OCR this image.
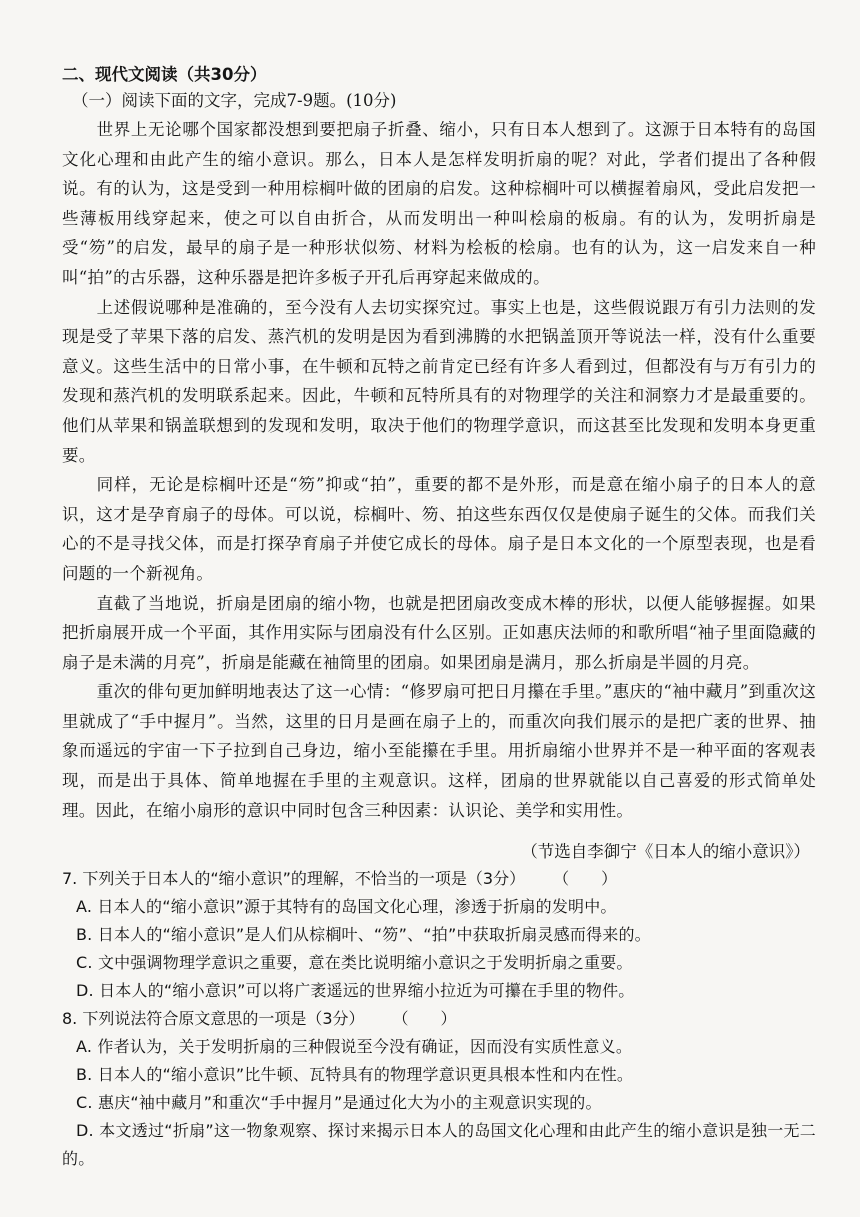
二、现代文阅读（共30分）

（一）阅读下面的文字，完成7-9题。(10分)

世界上无论哪个国家都没想到要把扇子折叠、缩小，只有日本人想到了。这源于日本特有的岛国文化心理和由此产生的缩小意识。那么，日本人是怎样发明折扇的呢？对此，学者们提出了各种假说。有的认为，这是受到一种用棕榈叶做的团扇的启发。这种棕榈叶可以横握着扇风，受此启发把一些薄板用线穿起来，使之可以自由折合，从而发明出一种叫桧扇的板扇。有的认为，发明折扇是受“笏”的启发，最早的扇子是一种形状似笏、材料为桧板的桧扇。也有的认为，这一启发来自一种叫“拍”的古乐器，这种乐器是把许多板子开孔后再穿起来做成的。

上述假说哪种是准确的，至今没有人去切实探究过。事实上也是，这些假说跟万有引力法则的发现是受了苹果下落的启发、蒸汽机的发明是因为看到沸腾的水把锅盖顶开等说法一样，没有什么重要意义。这些生活中的日常小事，在牛顿和瓦特之前肯定已经有许多人看到过，但都没有与万有引力的发现和蒸汽机的发明联系起来。因此，牛顿和瓦特所具有的对物理学的关注和洞察力才是最重要的。他们从苹果和锅盖联想到的发现和发明，取决于他们的物理学意识，而这甚至比发现和发明本身更重要。

同样，无论是棕榈叶还是“笏”抑或“拍”，重要的都不是外形，而是意在缩小扇子的日本人的意识，这才是孕育扇子的母体。可以说，棕榈叶、笏、拍这些东西仅仅是使扇子诞生的父体。而我们关心的不是寻找父体，而是打探孕育扇子并使它成长的母体。扇子是日本文化的一个原型表现，也是看问题的一个新视角。

直截了当地说，折扇是团扇的缩小物，也就是把团扇改变成木棒的形状，以便人能够握握。如果把折扇展开成一个平面，其作用实际与团扇没有什么区别。正如惠庆法师的和歌所唱“袖子里面隐藏的扇子是未满的月亮”，折扇是能藏在袖筒里的团扇。如果团扇是满月，那么折扇是半圆的月亮。

重次的俳句更加鲜明地表达了这一心情：“修罗扇可把日月攥在手里。”惠庆的“袖中藏月”到重次这里就成了“手中握月”。当然，这里的日月是画在扇子上的，而重次向我们展示的是把广袤的世界、抽象而遥远的宇宙一下子拉到自己身边，缩小至能攥在手里。用折扇缩小世界并不是一种平面的客观表现，而是出于具体、简单地握在手里的主观意识。这样，团扇的世界就能以自己喜爱的形式简单处理。因此，在缩小扇形的意识中同时包含三种因素：认识论、美学和实用性。

（节选自李御宁《日本人的缩小意识》）

7. 下列关于日本人的“缩小意识”的理解，不恰当的一项是（3分） （　　）

A. 日本人的“缩小意识”源于其特有的岛国文化心理，渗透于折扇的发明中。

B. 日本人的“缩小意识”是人们从棕榈叶、“笏”、“拍”中获取折扇灵感而得来的。

C. 文中强调物理学意识之重要，意在类比说明缩小意识之于发明折扇之重要。

D. 日本人的“缩小意识”可以将广袤遥远的世界缩小拉近为可攥在手里的物件。

8. 下列说法符合原文意思的一项是（3分） （　　）

A. 作者认为，关于发明折扇的三种假说至今没有确证，因而没有实质性意义。

B. 日本人的“缩小意识”比牛顿、瓦特具有的物理学意识更具根本性和内在性。

C. 惠庆“袖中藏月”和重次“手中握月”是通过化大为小的主观意识实现的。

D. 本文透过“折扇”这一物象观察、探讨来揭示日本人的岛国文化心理和由此产生的缩小意识是独一无二的。
